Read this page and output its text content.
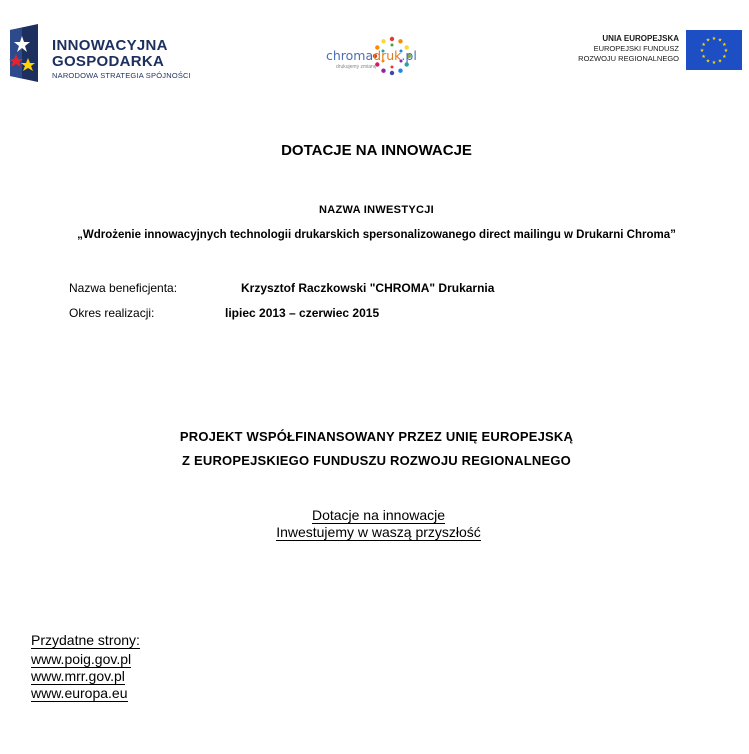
INNOWACYJNA
GOSPODARKA
NARODOWA STRATEGIA SPÓJNOŚCI
chromadruk.pl
drukujemy zmianę
UNIA EUROPEJSKA
EUROPEJSKI FUNDUSZ
ROZWOJU REGIONALNEGO
★ ★
★
★
★
★
★
★
★
★
★
★
DOTACJE NA INNOWACJE
NAZWA INWESTYCJI
„Wdrożenie innowacyjnych technologii drukarskich spersonalizowanego direct mailingu w Drukarni Chroma”
Nazwa beneficjenta:	Krzysztof Raczkowski "CHROMA" Drukarnia
Okres realizacji:	lipiec 2013 – czerwiec 2015
PROJEKT WSPÓŁFINANSOWANY PRZEZ UNIĘ EUROPEJSKĄ
Z EUROPEJSKIEGO FUNDUSZU ROZWOJU REGIONALNEGO
Dotacje na innowacje
Inwestujemy w waszą przyszłość
Przydatne strony:
www.poig.gov.pl
www.mrr.gov.pl
www.europa.eu
